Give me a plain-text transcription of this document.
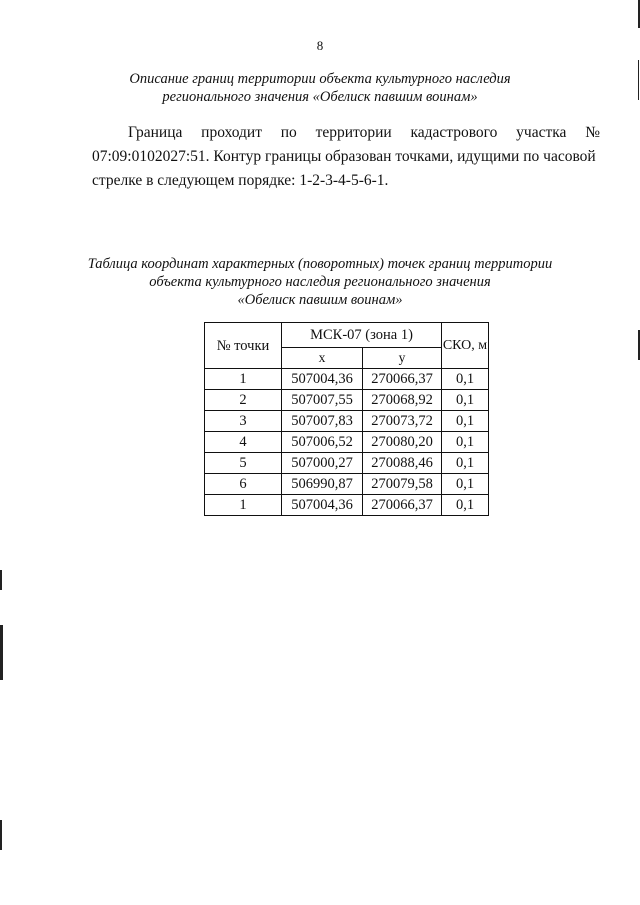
8
Описание границ территории объекта культурного наследия
регионального значения «Обелиск павшим воинам»
Граница проходит по территории кадастрового участка №
07:09:0102027:51. Контур границы образован точками, идущими по часовой
стрелке в следующем порядке: 1-2-3-4-5-6-1.
Таблица координат характерных (поворотных) точек границ территории
объекта культурного наследия регионального значения
«Обелиск павшим воинам»
№ точки	МСК-07 (зона 1)		СКО, м
	x	y	
1	507004,36	270066,37	0,1
2	507007,55	270068,92	0,1
3	507007,83	270073,72	0,1
4	507006,52	270080,20	0,1
5	507000,27	270088,46	0,1
6	506990,87	270079,58	0,1
1	507004,36	270066,37	0,1
